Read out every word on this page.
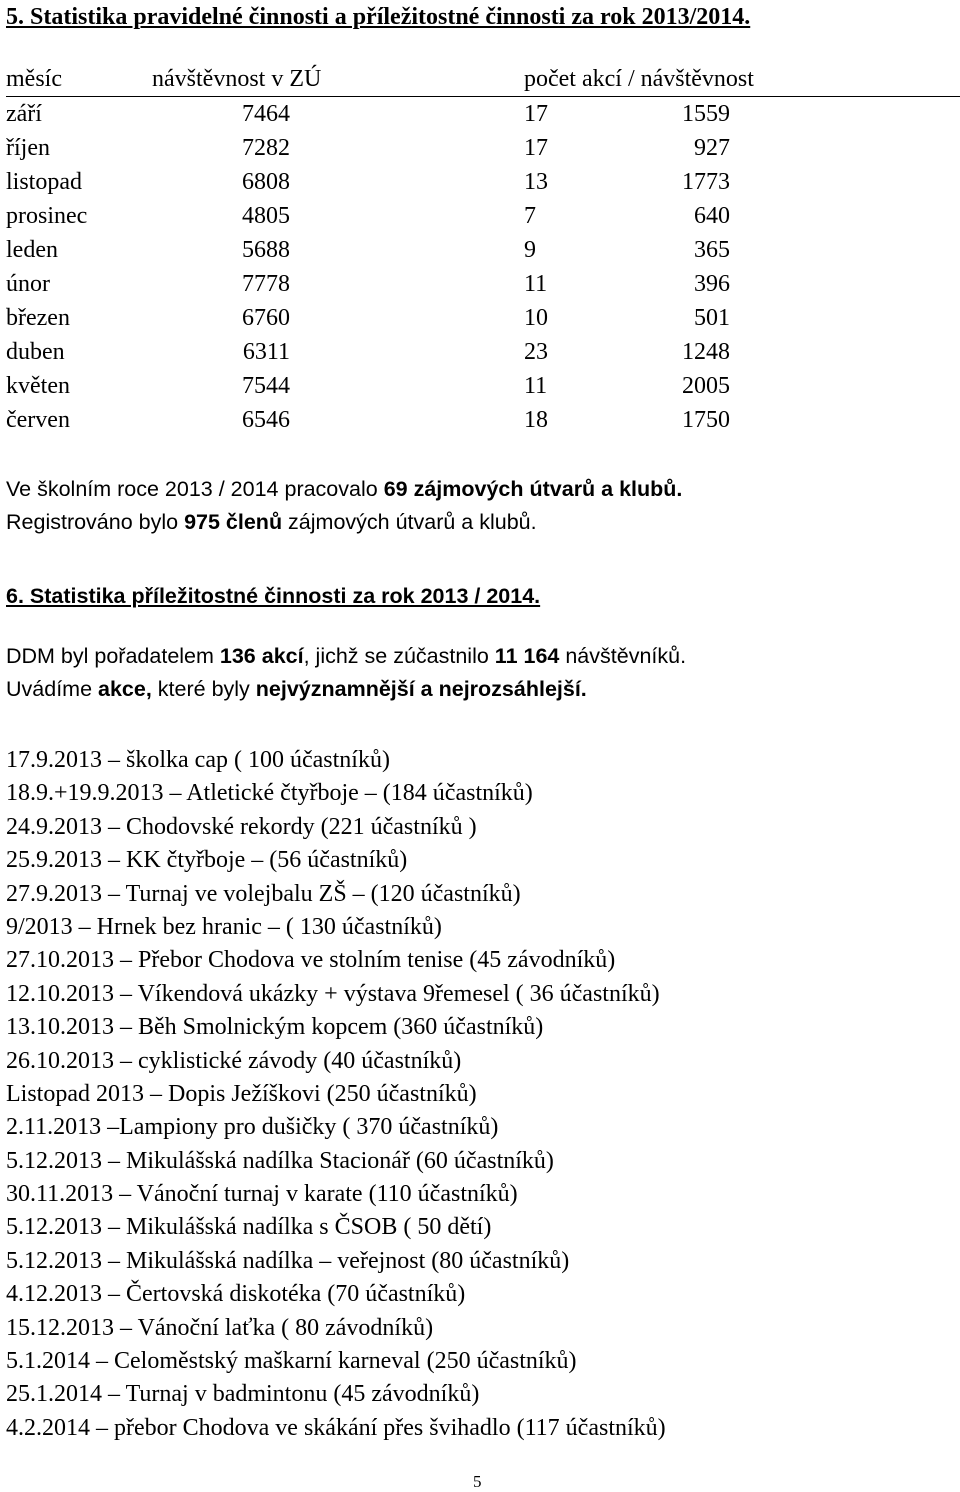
5. Statistika pravidelné činnosti a příležitostné činnosti za rok 2013/2014.
měsíc	návštěvnost v ZÚ	počet akcí / návštěvnost
září	7464	17	1559
říjen	7282	17	927
listopad	6808	13	1773
prosinec	4805	7	640
leden	5688	9	365
únor	7778	11	396
březen	6760	10	501
duben	6311	23	1248
květen	7544	11	2005
červen	6546	18	1750
Ve školním roce 2013 / 2014 pracovalo 69 zájmových útvarů a klubů.
Registrováno bylo 975 členů zájmových útvarů a klubů.
6. Statistika příležitostné činnosti za rok 2013 / 2014.
DDM byl pořadatelem 136 akcí, jichž se zúčastnilo 11 164 návštěvníků.
Uvádíme akce, které byly nejvýznamnější a nejrozsáhlejší.
17.9.2013 – školka cap ( 100 účastníků)
18.9.+19.9.2013 – Atletické čtyřboje – (184 účastníků)
24.9.2013 – Chodovské rekordy (221 účastníků )
25.9.2013 – KK čtyřboje – (56 účastníků)
27.9.2013 – Turnaj ve volejbalu ZŠ – (120 účastníků)
9/2013 – Hrnek bez hranic – ( 130 účastníků)
27.10.2013 – Přebor Chodova ve stolním tenise (45 závodníků)
12.10.2013 – Víkendová ukázky + výstava 9řemesel ( 36 účastníků)
13.10.2013 – Běh Smolnickým kopcem (360 účastníků)
26.10.2013 – cyklistické závody (40 účastníků)
Listopad 2013 – Dopis Ježíškovi (250 účastníků)
2.11.2013 –Lampiony pro dušičky ( 370 účastníků)
5.12.2013 – Mikulášská nadílka Stacionář (60 účastníků)
30.11.2013 – Vánoční turnaj v karate (110 účastníků)
5.12.2013 – Mikulášská nadílka s ČSOB ( 50 dětí)
5.12.2013 – Mikulášská nadílka – veřejnost (80 účastníků)
4.12.2013 – Čertovská diskotéka (70 účastníků)
15.12.2013 – Vánoční laťka ( 80 závodníků)
5.1.2014 – Celoměstský maškarní karneval (250 účastníků)
25.1.2014 – Turnaj v badmintonu (45 závodníků)
4.2.2014 – přebor Chodova ve skákání přes švihadlo (117 účastníků)
5
